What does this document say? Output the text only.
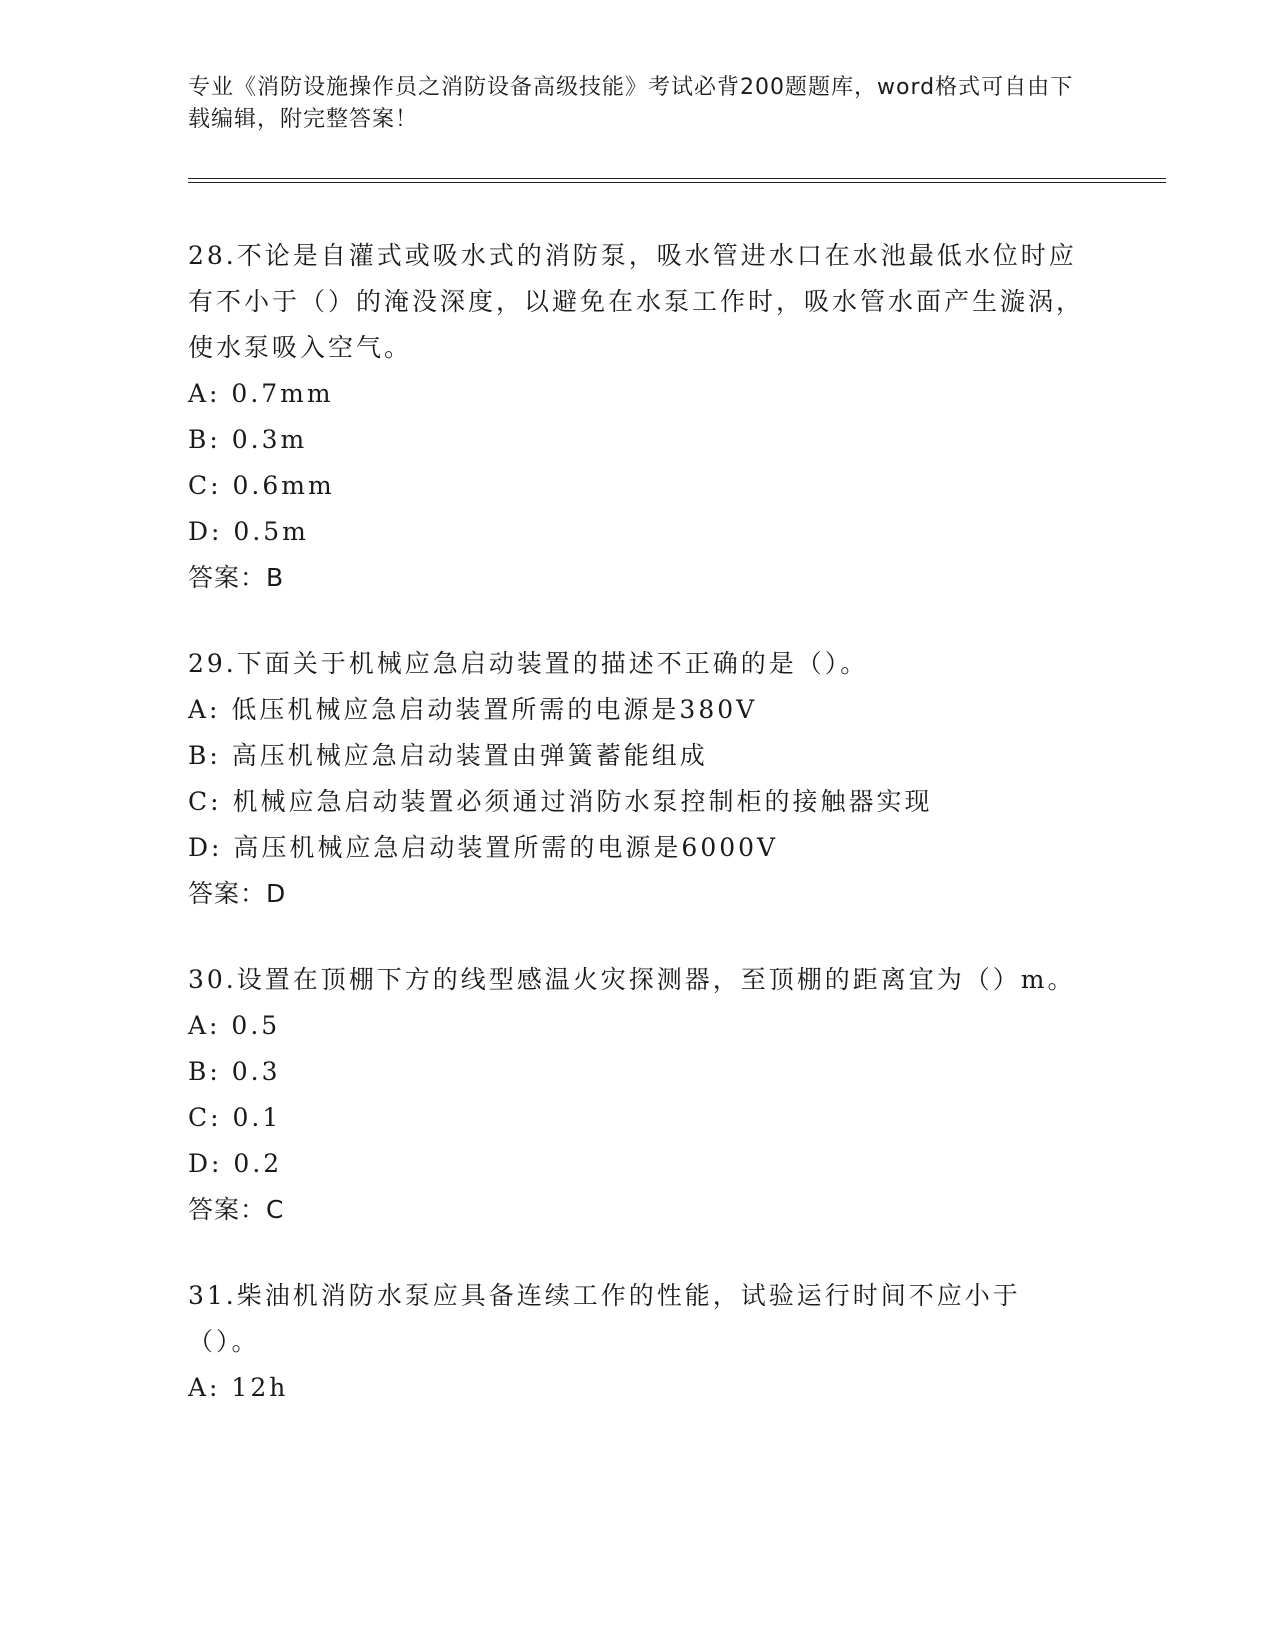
专业《消防设施操作员之消防设备高级技能》考试必背200题题库，word格式可自由下载编辑，附完整答案！
28.不论是自灌式或吸水式的消防泵，吸水管进水口在水池最低水位时应有不小于（）的淹没深度，以避免在水泵工作时，吸水管水面产生漩涡，使水泵吸入空气。
A: 0.7mm
B: 0.3m
C: 0.6mm
D: 0.5m
答案：B
29.下面关于机械应急启动装置的描述不正确的是（）。
A: 低压机械应急启动装置所需的电源是380V
B: 高压机械应急启动装置由弹簧蓄能组成
C: 机械应急启动装置必须通过消防水泵控制柜的接触器实现
D: 高压机械应急启动装置所需的电源是6000V
答案：D
30.设置在顶棚下方的线型感温火灾探测器，至顶棚的距离宜为（）m。
A: 0.5
B: 0.3
C: 0.1
D: 0.2
答案：C
31.柴油机消防水泵应具备连续工作的性能，试验运行时间不应小于（）。
A: 12h
